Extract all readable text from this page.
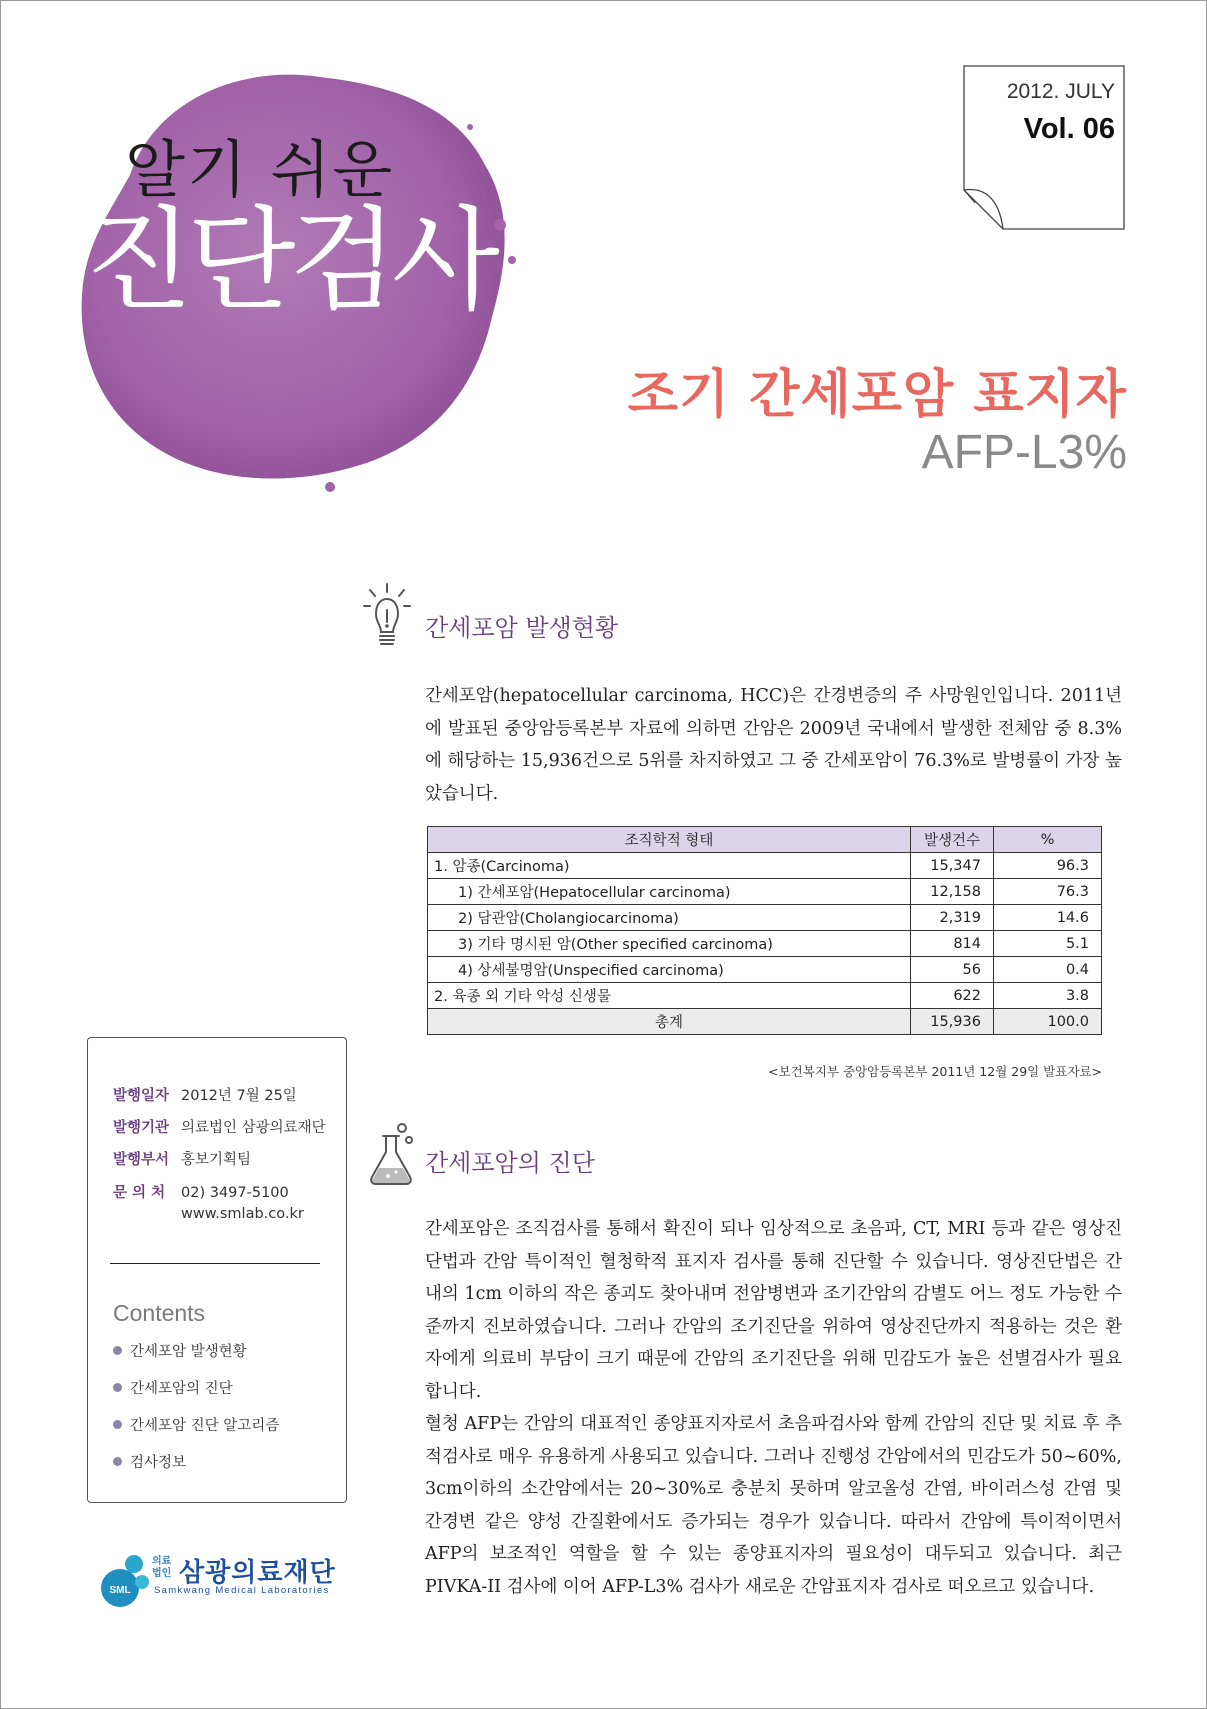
알기 쉬운
진단검사
2012. JULY
Vol. 06
조기 간세포암 표지자
AFP-L3%
간세포암 발생현황
간세포암(hepatocellular carcinoma, HCC)은 간경변증의 주 사망원인입니다. 2011년에 발표된 중앙암등록본부 자료에 의하면 간암은 2009년 국내에서 발생한 전체암 중 8.3%에 해당하는 15,936건으로 5위를 차지하였고 그 중 간세포암이 76.3%로 발병률이 가장 높았습니다.
조직학적 형태	발생건수	%
1. 암종(Carcinoma)	15,347	96.3
1) 간세포암(Hepatocellular carcinoma)	12,158	76.3
2) 담관암(Cholangiocarcinoma)	2,319	14.6
3) 기타 명시된 암(Other specified carcinoma)	814	5.1
4) 상세불명암(Unspecified carcinoma)	56	0.4
2. 육종 외 기타 악성 신생물	622	3.8
총계	15,936	100.0
<보건복지부 중앙암등록본부 2011년 12월 29일 발표자료>
간세포암의 진단
간세포암은 조직검사를 통해서 확진이 되나 임상적으로 초음파, CT, MRI 등과 같은 영상진단법과 간암 특이적인 혈청학적 표지자 검사를 통해 진단할 수 있습니다. 영상진단법은 간 내의 1cm 이하의 작은 종괴도 찾아내며 전암병변과 조기간암의 감별도 어느 정도 가능한 수준까지 진보하였습니다. 그러나 간암의 조기진단을 위하여 영상진단까지 적용하는 것은 환자에게 의료비 부담이 크기 때문에 간암의 조기진단을 위해 민감도가 높은 선별검사가 필요합니다.
혈청 AFP는 간암의 대표적인 종양표지자로서 초음파검사와 함께 간암의 진단 및 치료 후 추적검사로 매우 유용하게 사용되고 있습니다. 그러나 진행성 간암에서의 민감도가 50~60%, 3cm이하의 소간암에서는 20~30%로 충분치 못하며 알코올성 간염, 바이러스성 간염 및 간경변 같은 양성 간질환에서도 증가되는 경우가 있습니다. 따라서 간암에 특이적이면서 AFP의 보조적인 역할을 할 수 있는 종양표지자의 필요성이 대두되고 있습니다. 최근 PIVKA-II 검사에 이어 AFP-L3% 검사가 새로운 간암표지자 검사로 떠오르고 있습니다.
발행일자 2012년 7월 25일
발행기관 의료법인 삼광의료재단
발행부서 홍보기획팀
문 의 처 02) 3497-5100
www.smlab.co.kr
Contents
간세포암 발생현황
간세포암의 진단
간세포암 진단 알고리즘
검사정보
SML
의료
법인 삼광의료재단
Samkwang Medical Laboratories
